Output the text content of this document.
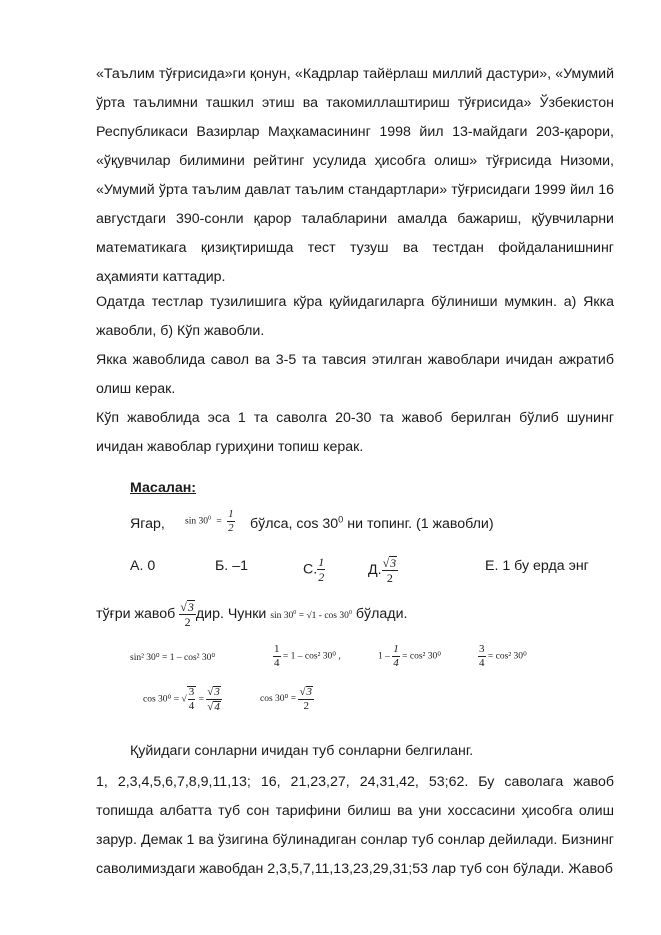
«Таълим тўғрисида»ги қонун, «Кадрлар тайёрлаш миллий дастури», «Умумий ўрта таълимни ташкил этиш ва такомиллаштириш тўғрисида» Ўзбекистон Республикаси Вазирлар Маҳкамасининг 1998 йил 13-майдаги 203-қарори, «ўқувчилар билимини рейтинг усулида ҳисобга олиш» тўғрисида Низоми, «Умумий ўрта таълим давлат таълим стандартлари» тўғрисидаги 1999 йил 16 августдаги 390-сонли қарор талабларини амалда бажариш, қўувчиларни математикага қизиқтиришда тест тузуш ва тестдан фойдаланишнинг аҳамияти каттадир.
Одатда тестлар тузилишига кўра қуйидагиларга бўлиниши мумкин. а) Якка жавобли, б) Кўп жавобли.
Якка жавоблида савол ва 3-5 та тавсия этилган жавоблари ичидан ажратиб олиш керак.
Кўп жавоблида эса 1 та саволга 20-30 та жавоб берилган бўлиб шунинг ичидан жавоблар гуриҳини топиш керак.
Масалан:
Ягар, $\sin 30^0 = \frac{1}{2}$ бўлса, $\cos 30^0$ ни топинг. (1 жавобли)
А. 0	Б. –1	С. $\frac{1}{2}$	Д. $\frac{√3}{2}$	Е. 1 бу ерда энг
тўғри жавоб $\frac{√3}{2}$ дир. Чунки $\sin 30^0 = √1 - \cos 30^0$ бўлади.
sin² 30⁰ = 1 – cos² 30⁰	$\frac{1}{4} = 1 - \cos^2$ 30⁰ ,	$1 - \frac{1}{4} = \cos^2$ 30⁰	$\frac{3}{4} = \cos^2$ 30⁰
cos 30⁰ = √ $\frac{3}{4} = \frac{√3}{√4}$	$\cos 30^0 = \frac{√3}{2}$
Қуйидаги сонларни ичидан туб сонларни белгиланг.
1, 2,3,4,5,6,7,8,9,11,13; 16, 21,23,27, 24,31,42, 53;62. Бу саволага жавоб топишда албатта туб сон тарифини билиш ва уни хоссасини ҳисобга олиш зарур. Демак 1 ва ўзигина бўлинадиган сонлар туб сонлар дейилади. Бизнинг саволимиздаги жавобдан 2,3,5,7,11,13,23,29,31;53 лар туб сон бўлади. Жавоб
